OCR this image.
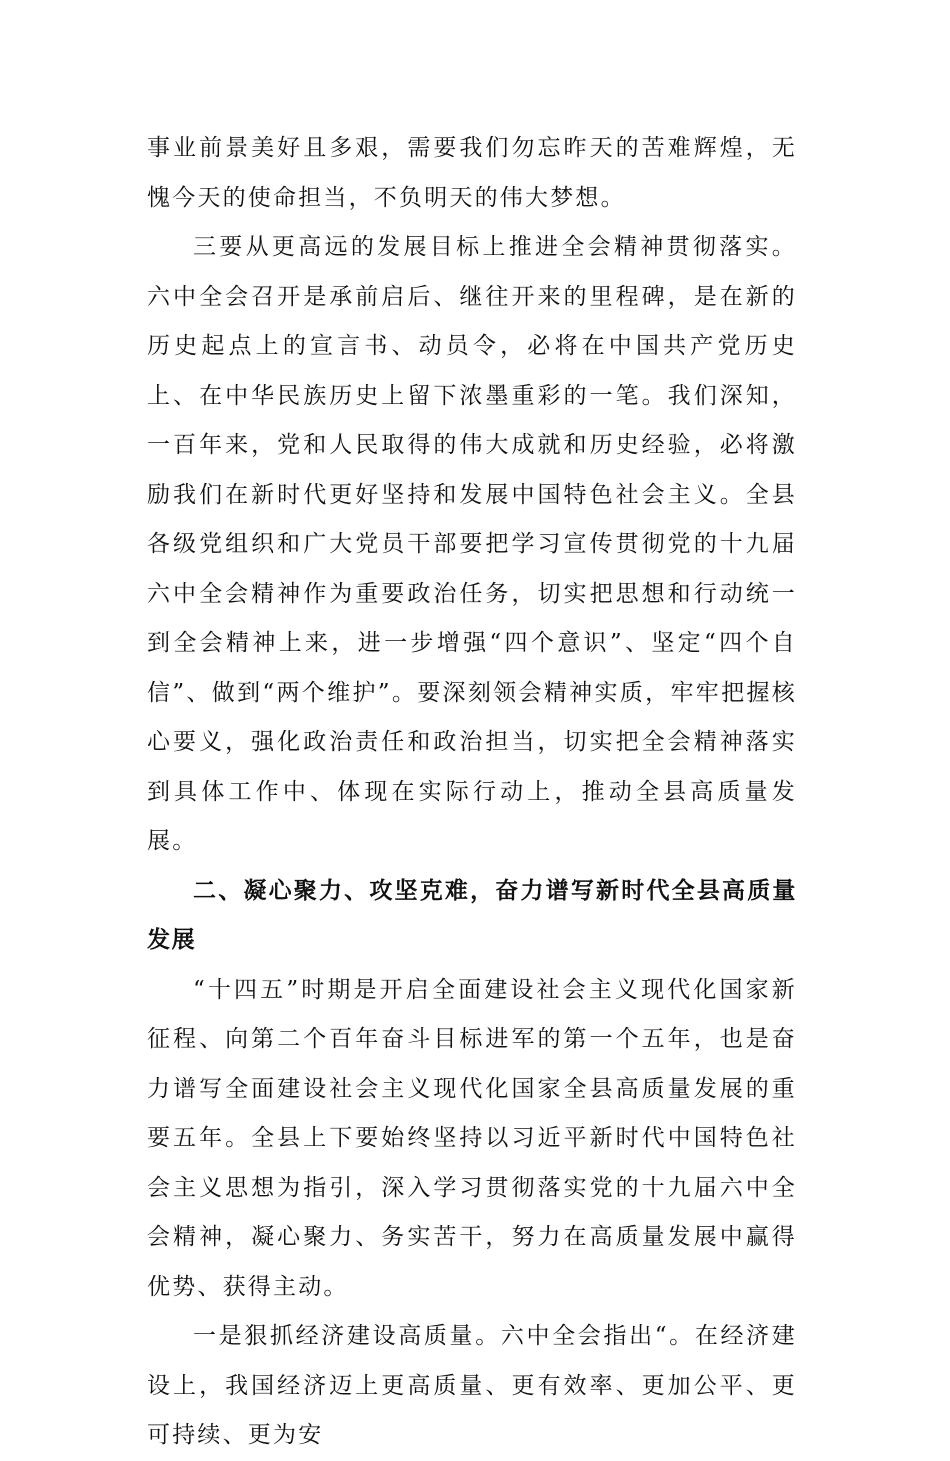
事业前景美好且多艰，需要我们勿忘昨天的苦难辉煌，无愧今天的使命担当，不负明天的伟大梦想。

三要从更高远的发展目标上推进全会精神贯彻落实。六中全会召开是承前启后、继往开来的里程碑，是在新的历史起点上的宣言书、动员令，必将在中国共产党历史上、在中华民族历史上留下浓墨重彩的一笔。我们深知，一百年来，党和人民取得的伟大成就和历史经验，必将激励我们在新时代更好坚持和发展中国特色社会主义。全县各级党组织和广大党员干部要把学习宣传贯彻党的十九届六中全会精神作为重要政治任务，切实把思想和行动统一到全会精神上来，进一步增强“四个意识”、坚定“四个自信”、做到“两个维护”。要深刻领会精神实质，牢牢把握核心要义，强化政治责任和政治担当，切实把全会精神落实到具体工作中、体现在实际行动上，推动全县高质量发展。

二、凝心聚力、攻坚克难，奋力谱写新时代全县高质量发展

“十四五”时期是开启全面建设社会主义现代化国家新征程、向第二个百年奋斗目标进军的第一个五年，也是奋力谱写全面建设社会主义现代化国家全县高质量发展的重要五年。全县上下要始终坚持以习近平新时代中国特色社会主义思想为指引，深入学习贯彻落实党的十九届六中全会精神，凝心聚力、务实苦干，努力在高质量发展中赢得优势、获得主动。

一是狠抓经济建设高质量。六中全会指出“。在经济建设上，我国经济迈上更高质量、更有效率、更加公平、更可持续、更为安
